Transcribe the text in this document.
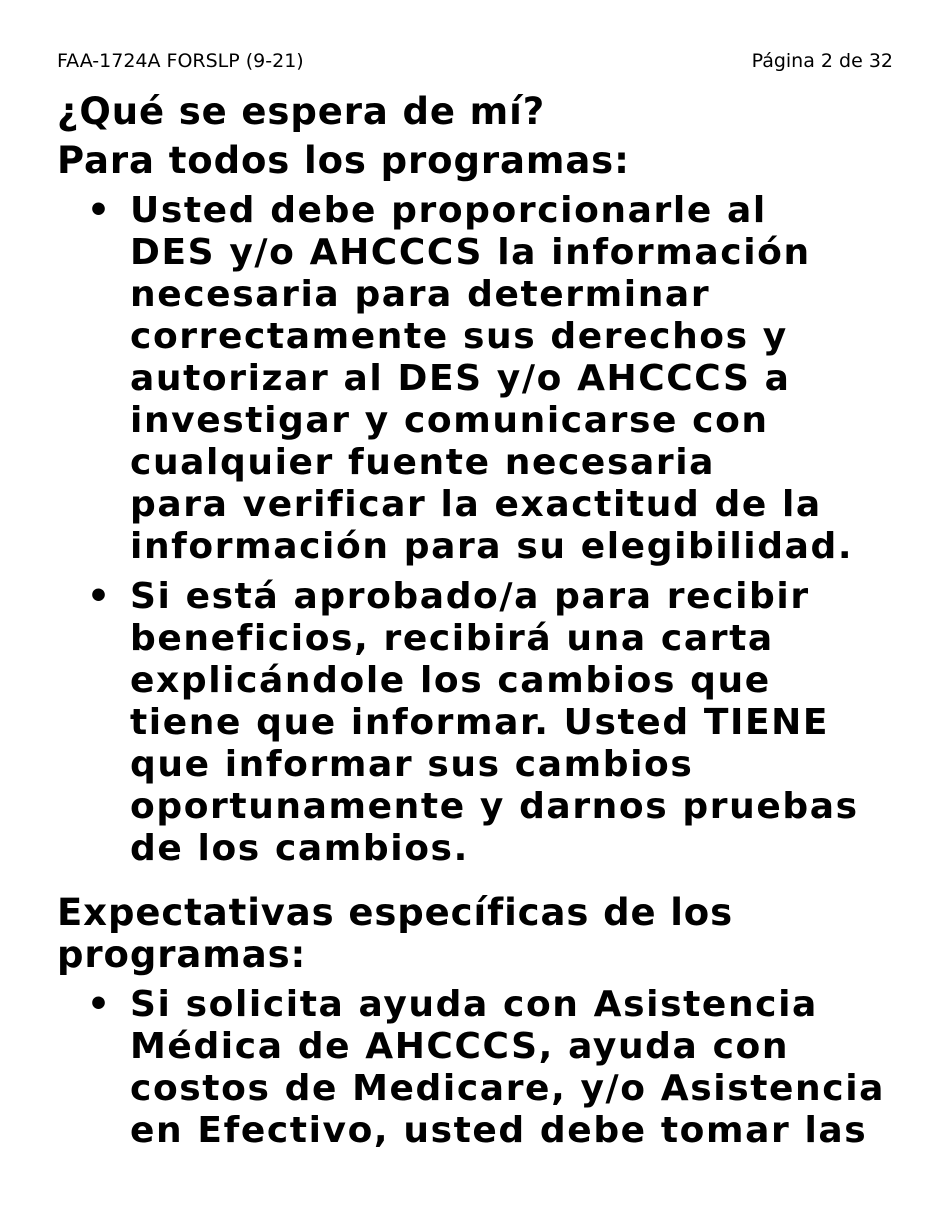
FAA-1724A FORSLP (9-21)	Página 2 de 32
¿Qué se espera de mí?
Para todos los programas:
• Usted debe proporcionarle al
DES y/o AHCCCS la información
necesaria para determinar
correctamente sus derechos y
autorizar al DES y/o AHCCCS a
investigar y comunicarse con
cualquier fuente necesaria
para verificar la exactitud de la
información para su elegibilidad.
• Si está aprobado/a para recibir
beneficios, recibirá una carta
explicándole los cambios que
tiene que informar. Usted TIENE
que informar sus cambios
oportunamente y darnos pruebas
de los cambios.
Expectativas específicas de los
programas:
• Si solicita ayuda con Asistencia
Médica de AHCCCS, ayuda con
costos de Medicare, y/o Asistencia
en Efectivo, usted debe tomar las
